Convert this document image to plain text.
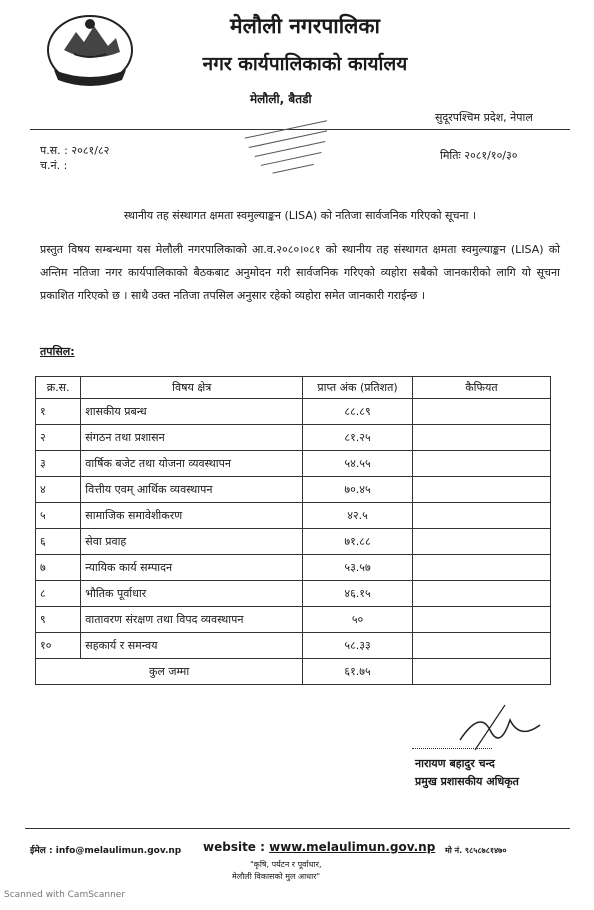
मेलौली नगरपालिका
नगर कार्यपालिकाको कार्यालय
मेलौली, बैतडी
सुदूरपश्चिम प्रदेश, नेपाल
प.स. : २०८१/८२
च.नं. :
मितिः २०८१/१०/३०
स्थानीय तह संस्थागत क्षमता स्वमुल्याङ्कन (LISA) को नतिजा सार्वजनिक गरिएको सूचना ।
प्रस्तुत विषय सम्बन्धमा यस मेलौली नगरपालिकाको आ.व.२०८०।०८१ को स्थानीय तह संस्थागत क्षमता स्वमुल्याङ्कन (LISA) को अन्तिम नतिजा नगर कार्यपालिकाको बैठकबाट अनुमोदन गरी सार्वजनिक गरिएको व्यहोरा सबैको जानकारीको लागि यो सूचना प्रकाशित गरिएको छ । साथै उक्त नतिजा तपसिल अनुसार रहेको व्यहोरा समेत जानकारी गराईन्छ ।
तपसिल:
क्र.स.	विषय क्षेत्र	प्राप्त अंक (प्रतिशत)	कैफियत
१	शासकीय प्रबन्ध	८८.८९	
२	संगठन तथा प्रशासन	८१.२५	
३	वार्षिक बजेट तथा योजना व्यवस्थापन	५४.५५	
४	वित्तीय एवम् आर्थिक व्यवस्थापन	७०.४५	
५	सामाजिक समावेशीकरण	४२.५	
६	सेवा प्रवाह	७१.८८	
७	न्यायिक कार्य सम्पादन	५३.५७	
८	भौतिक पूर्वाधार	४६.१५	
९	वातावरण संरक्षण तथा विपद व्यवस्थापन	५०	
१०	सहकार्य र समन्वय	५८.३३	
कुल जम्मा		६१.७५	
नारायण बहादुर चन्द
प्रमुख प्रशासकीय अधिकृत
ईमेल : info@melaulimun.gov.np website : www.melaulimun.gov.np मो नं. ९८५८७८१४७०
"कृषि, पर्यटन र पूर्वाधार,
मेलौली विकासको मुल आधार"
Scanned with CamScanner
